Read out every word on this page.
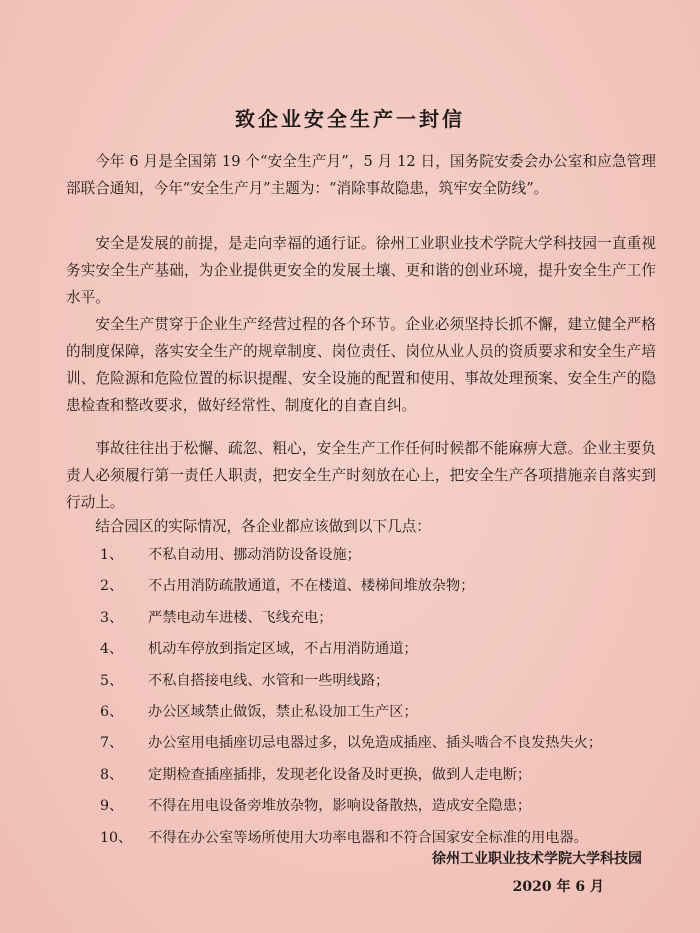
致企业安全生产一封信

今年 6 月是全国第 19 个“安全生产月”，5 月 12 日，国务院安委会办公室和应急管理部联合通知，今年“安全生产月”主题为：“消除事故隐患，筑牢安全防线”。

安全是发展的前提，是走向幸福的通行证。徐州工业职业技术学院大学科技园一直重视务实安全生产基础，为企业提供更安全的发展土壤、更和谐的创业环境，提升安全生产工作水平。

安全生产贯穿于企业生产经营过程的各个环节。企业必须坚持长抓不懈，建立健全严格的制度保障，落实安全生产的规章制度、岗位责任、岗位从业人员的资质要求和安全生产培训、危险源和危险位置的标识提醒、安全设施的配置和使用、事故处理预案、安全生产的隐患检查和整改要求，做好经常性、制度化的自查自纠。

事故往往出于松懈、疏忽、粗心，安全生产工作任何时候都不能麻痹大意。企业主要负责人必须履行第一责任人职责，把安全生产时刻放在心上，把安全生产各项措施亲自落实到行动上。

结合园区的实际情况，各企业都应该做到以下几点：

1、	不私自动用、挪动消防设备设施；
2、	不占用消防疏散通道，不在楼道、楼梯间堆放杂物；
3、	严禁电动车进楼、飞线充电；
4、	机动车停放到指定区域，不占用消防通道；
5、	不私自搭接电线、水管和一些明线路；
6、	办公区域禁止做饭，禁止私设加工生产区；
7、	办公室用电插座切忌电器过多，以免造成插座、插头啮合不良发热失火；
8、	定期检查插座插排，发现老化设备及时更换，做到人走电断；
9、	不得在用电设备旁堆放杂物，影响设备散热，造成安全隐患；
10、	不得在办公室等场所使用大功率电器和不符合国家安全标准的用电器。
徐州工业职业技术学院大学科技园
2020 年 6 月
